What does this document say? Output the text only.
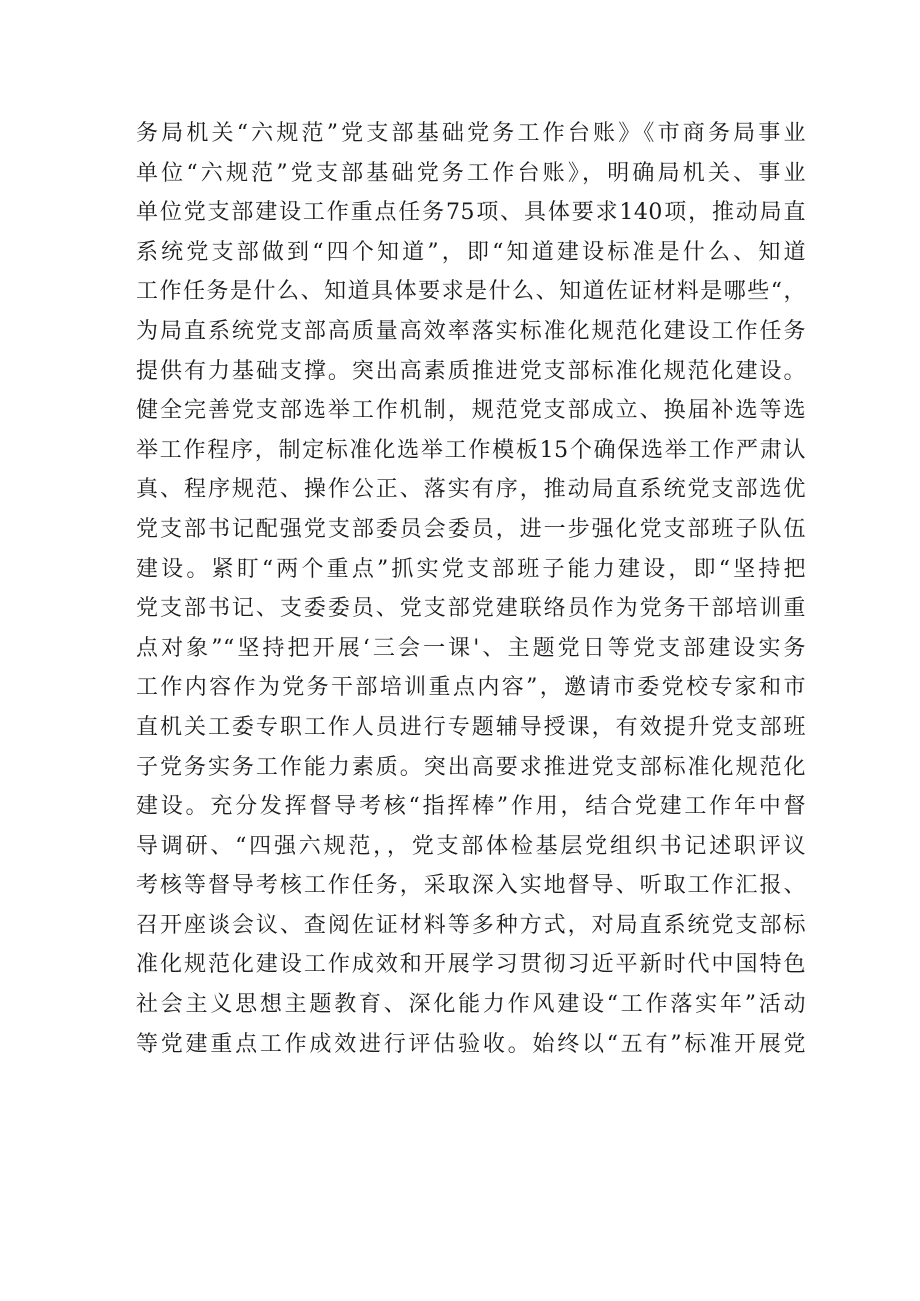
务局机关“六规范”党支部基础党务工作台账》《市商务局事业
单位“六规范”党支部基础党务工作台账》，明确局机关、事业
单位党支部建设工作重点任务75项、具体要求140项，推动局直
系统党支部做到“四个知道”，即“知道建设标准是什么、知道
工作任务是什么、知道具体要求是什么、知道佐证材料是哪些“，
为局直系统党支部高质量高效率落实标准化规范化建设工作任务
提供有力基础支撑。突出高素质推进党支部标准化规范化建设。
健全完善党支部选举工作机制，规范党支部成立、换届补选等选
举工作程序，制定标准化选举工作模板15个确保选举工作严肃认
真、程序规范、操作公正、落实有序，推动局直系统党支部选优
党支部书记配强党支部委员会委员，进一步强化党支部班子队伍
建设。紧盯“两个重点”抓实党支部班子能力建设，即“坚持把
党支部书记、支委委员、党支部党建联络员作为党务干部培训重
点对象”“坚持把开展‘三会一课'、主题党日等党支部建设实务
工作内容作为党务干部培训重点内容”，邀请市委党校专家和市
直机关工委专职工作人员进行专题辅导授课，有效提升党支部班
子党务实务工作能力素质。突出高要求推进党支部标准化规范化
建设。充分发挥督导考核“指挥棒”作用，结合党建工作年中督
导调研、“四强六规范，，党支部体检基层党组织书记述职评议
考核等督导考核工作任务，采取深入实地督导、听取工作汇报、
召开座谈会议、查阅佐证材料等多种方式，对局直系统党支部标
准化规范化建设工作成效和开展学习贯彻习近平新时代中国特色
社会主义思想主题教育、深化能力作风建设“工作落实年”活动
等党建重点工作成效进行评估验收。始终以“五有”标准开展党
